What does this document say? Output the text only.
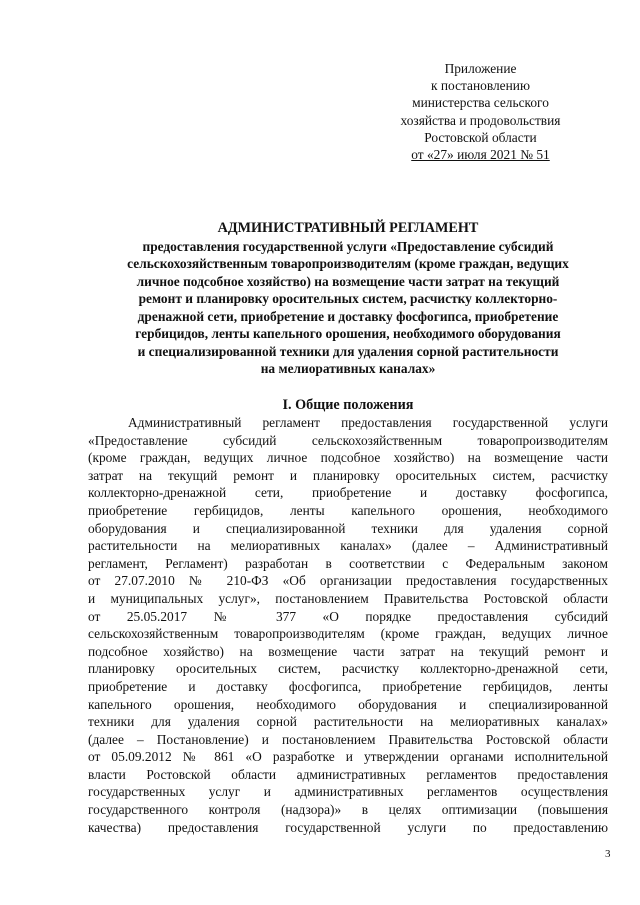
Приложение
к постановлению
министерства сельского
хозяйства и продовольствия
Ростовской области
от «27» июля 2021 № 51
АДМИНИСТРАТИВНЫЙ РЕГЛАМЕНТ
предоставления государственной услуги «Предоставление субсидий
сельскохозяйственным товаропроизводителям (кроме граждан, ведущих
личное подсобное хозяйство) на возмещение части затрат на текущий
ремонт и планировку оросительных систем, расчистку коллекторно-
дренажной сети, приобретение и доставку фосфогипса, приобретение
гербицидов, ленты капельного орошения, необходимого оборудования
и специализированной техники для удаления сорной растительности
на мелиоративных каналах»
I. Общие положения
Административный регламент предоставления государственной услуги
«Предоставление субсидий сельскохозяйственным товаропроизводителям
(кроме граждан, ведущих личное подсобное хозяйство) на возмещение части
затрат на текущий ремонт и планировку оросительных систем, расчистку
коллекторно-дренажной сети, приобретение и доставку фосфогипса,
приобретение гербицидов, ленты капельного орошения, необходимого
оборудования и специализированной техники для удаления сорной
растительности на мелиоративных каналах» (далее – Административный
регламент, Регламент) разработан в соответствии с Федеральным законом
от 27.07.2010 № 210-ФЗ «Об организации предоставления государственных
и муниципальных услуг», постановлением Правительства Ростовской области
от 25.05.2017 № 377 «О порядке предоставления субсидий
сельскохозяйственным товаропроизводителям (кроме граждан, ведущих личное
подсобное хозяйство) на возмещение части затрат на текущий ремонт и
планировку оросительных систем, расчистку коллекторно-дренажной сети,
приобретение и доставку фосфогипса, приобретение гербицидов, ленты
капельного орошения, необходимого оборудования и специализированной
техники для удаления сорной растительности на мелиоративных каналах»
(далее – Постановление) и постановлением Правительства Ростовской области
от 05.09.2012 № 861 «О разработке и утверждении органами исполнительной
власти Ростовской области административных регламентов предоставления
государственных услуг и административных регламентов осуществления
государственного контроля (надзора)» в целях оптимизации (повышения
качества) предоставления государственной услуги по предоставлению
3
